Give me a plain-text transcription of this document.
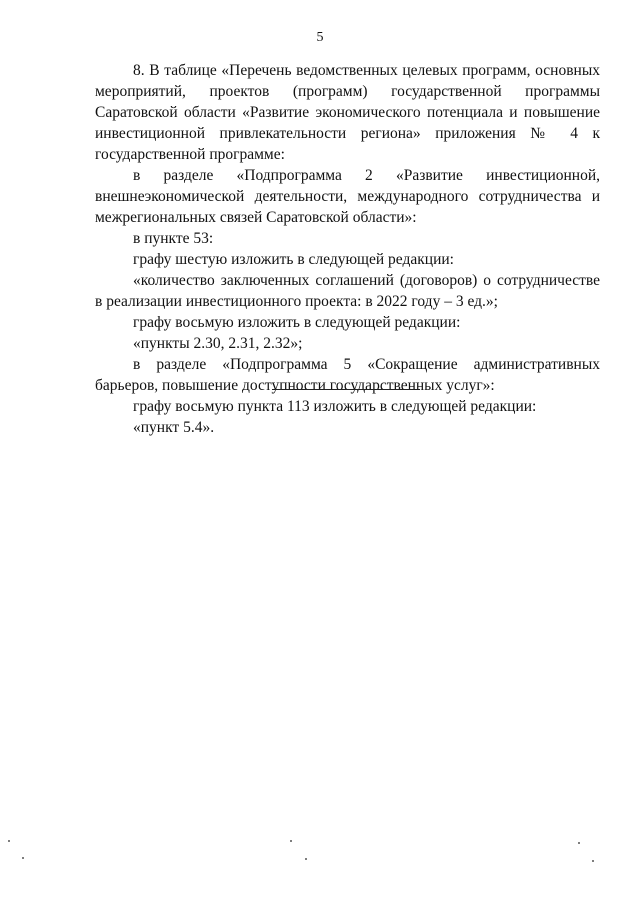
5

8. В таблице «Перечень ведомственных целевых программ, основных мероприятий, проектов (программ) государственной программы Саратовской области «Развитие экономического потенциала и повышение инвестиционной привлекательности региона» приложения № 4 к государственной программе:

в разделе «Подпрограмма 2 «Развитие инвестиционной, внешнеэкономической деятельности, международного сотрудничества и межрегиональных связей Саратовской области»:

в пункте 53:

графу шестую изложить в следующей редакции:

«количество заключенных соглашений (договоров) о сотрудничестве в реализации инвестиционного проекта: в 2022 году – 3 ед.»;

графу восьмую изложить в следующей редакции:

«пункты 2.30, 2.31, 2.32»;

в разделе «Подпрограмма 5 «Сокращение административных барьеров, повышение доступности государственных услуг»:

графу восьмую пункта 113 изложить в следующей редакции:

«пункт 5.4».
